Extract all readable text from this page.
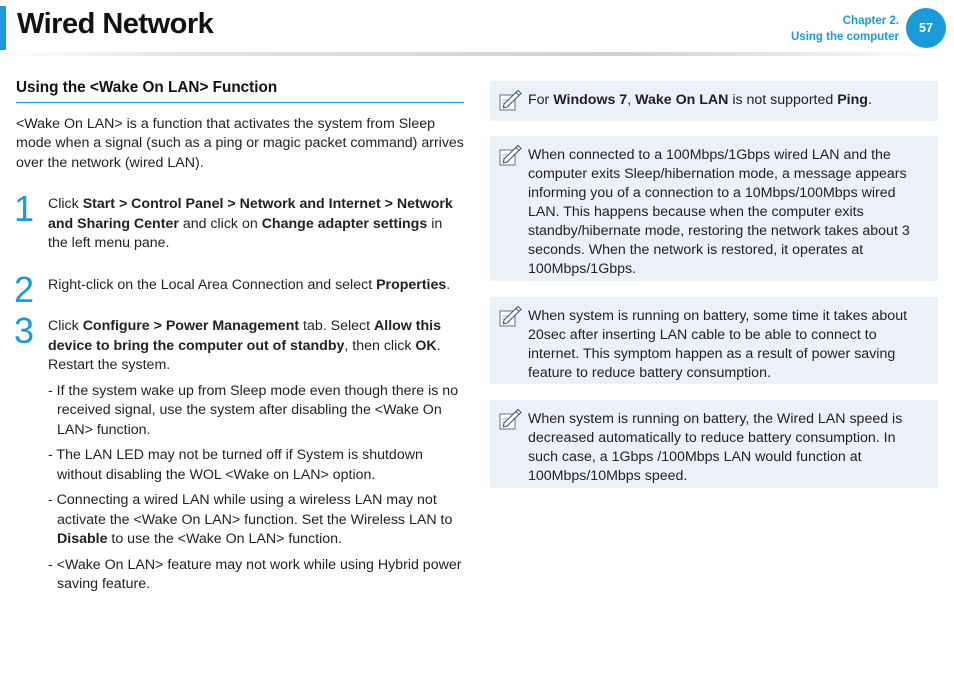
Wired Network	Chapter 2.
Using the computer
57
Using the <Wake On LAN> Function

<Wake On LAN> is a function that activates the system from Sleep mode when a signal (such as a ping or magic packet command) arrives over the network (wired LAN).

1 Click Start > Control Panel > Network and Internet > Network and Sharing Center and click on Change adapter settings in the left menu pane.

2 Right-click on the Local Area Connection and select Properties.

3 Click Configure > Power Management tab. Select Allow this device to bring the computer out of standby, then click OK. Restart the system.

- If the system wake up from Sleep mode even though there is no received signal, use the system after disabling the <Wake On LAN> function.

- The LAN LED may not be turned off if System is shutdown without disabling the WOL <Wake on LAN> option.

- Connecting a wired LAN while using a wireless LAN may not activate the <Wake On LAN> function. Set the Wireless LAN to Disable to use the <Wake On LAN> function.

- <Wake On LAN> feature may not work while using Hybrid power saving feature.

For Windows 7, Wake On LAN is not supported Ping.

When connected to a 100Mbps/1Gbps wired LAN and the computer exits Sleep/hibernation mode, a message appears informing you of a connection to a 10Mbps/100Mbps wired LAN. This happens because when the computer exits standby/hibernate mode, restoring the network takes about 3 seconds. When the network is restored, it operates at 100Mbps/1Gbps.

When system is running on battery, some time it takes about 20sec after inserting LAN cable to be able to connect to internet. This symptom happen as a result of power saving feature to reduce battery consumption.

When system is running on battery, the Wired LAN speed is decreased automatically to reduce battery consumption. In such case, a 1Gbps /100Mbps LAN would function at 100Mbps/10Mbps speed.
